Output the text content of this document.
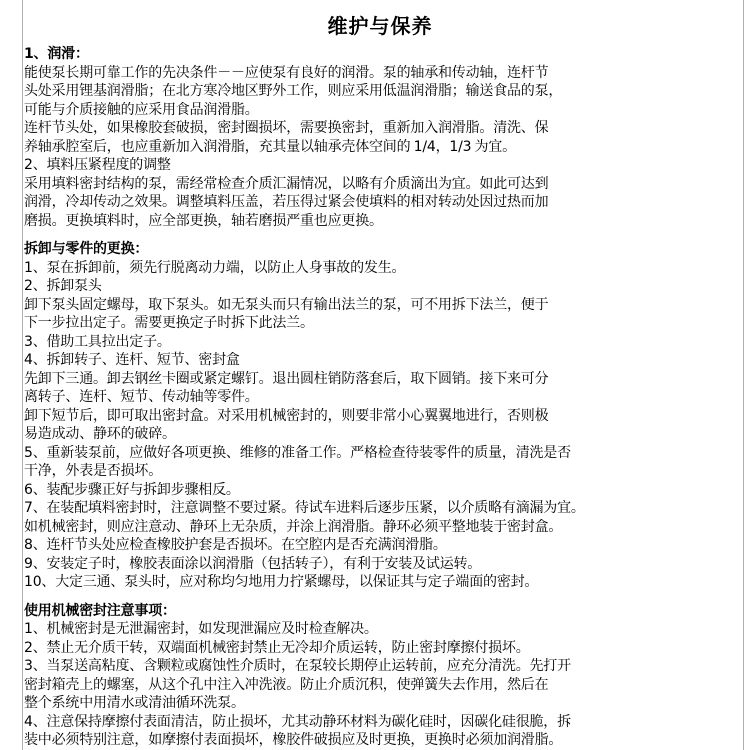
维护与保养
1、润滑：
能使泵长期可靠工作的先决条件－－应使泵有良好的润滑。泵的轴承和传动轴，连杆节
头处采用锂基润滑脂；在北方寒冷地区野外工作，则应采用低温润滑脂；输送食品的泵，
可能与介质接触的应采用食品润滑脂。
连杆节头处，如果橡胶套破损，密封圈损坏，需要换密封，重新加入润滑脂。清洗、保
养轴承腔室后，也应重新加入润滑脂，充其量以轴承壳体空间的 1/4，1/3 为宜。
2、填料压紧程度的调整
采用填料密封结构的泵，需经常检查介质汇漏情况，以略有介质滴出为宜。如此可达到
润滑，冷却传动之效果。调整填料压盖，若压得过紧会使填料的相对转动处因过热而加
磨损。更换填料时，应全部更换，轴若磨损严重也应更换。
拆卸与零件的更换：
1、泵在拆卸前，须先行脱离动力端，以防止人身事故的发生。
2、拆卸泵头
卸下泵头固定螺母，取下泵头。如无泵头而只有输出法兰的泵，可不用拆下法兰，便于
下一步拉出定子。需要更换定子时拆下此法兰。
3、借助工具拉出定子。
4、拆卸转子、连杆、短节、密封盒
先卸下三通。卸去钢丝卡圈或紧定螺钉。退出圆柱销防落套后，取下圆销。接下来可分
离转子、连杆、短节、传动轴等零件。
卸下短节后，即可取出密封盒。对采用机械密封的，则要非常小心翼翼地进行，否则极
易造成动、静环的破碎。
5、重新装泵前，应做好各项更换、维修的准备工作。严格检查待装零件的质量，清洗是否
干净，外表是否损坏。
6、装配步骤正好与拆卸步骤相反。
7、在装配填料密封时，注意调整不要过紧。待试车进料后逐步压紧，以介质略有滴漏为宜。
如机械密封，则应注意动、静环上无杂质，并涂上润滑脂。静环必须平整地装于密封盒。
8、连杆节头处应检查橡胶护套是否损坏。在空腔内是否充满润滑脂。
9、安装定子时，橡胶表面涂以润滑脂（包括转子），有利于安装及试运转。
10、大定三通、泵头时，应对称均匀地用力拧紧螺母，以保证其与定子端面的密封。
使用机械密封注意事项：
1、机械密封是无泄漏密封，如发现泄漏应及时检查解决。
2、禁止无介质干转，双端面机械密封禁止无冷却介质运转，防止密封摩擦付损坏。
3、当泵送高粘度、含颗粒或腐蚀性介质时，在泵较长期停止运转前，应充分清洗。先打开
密封箱壳上的螺塞，从这个孔中注入冲洗液。防止介质沉积，使弹簧失去作用，然后在
整个系统中用清水或清油循环洗泵。
4、注意保持摩擦付表面清洁，防止损坏，尤其动静环材料为碳化硅时，因碳化硅很脆，拆
装中必须特别注意，如摩擦付表面损坏，橡胶件破损应及时更换，更换时必须加润滑脂。
